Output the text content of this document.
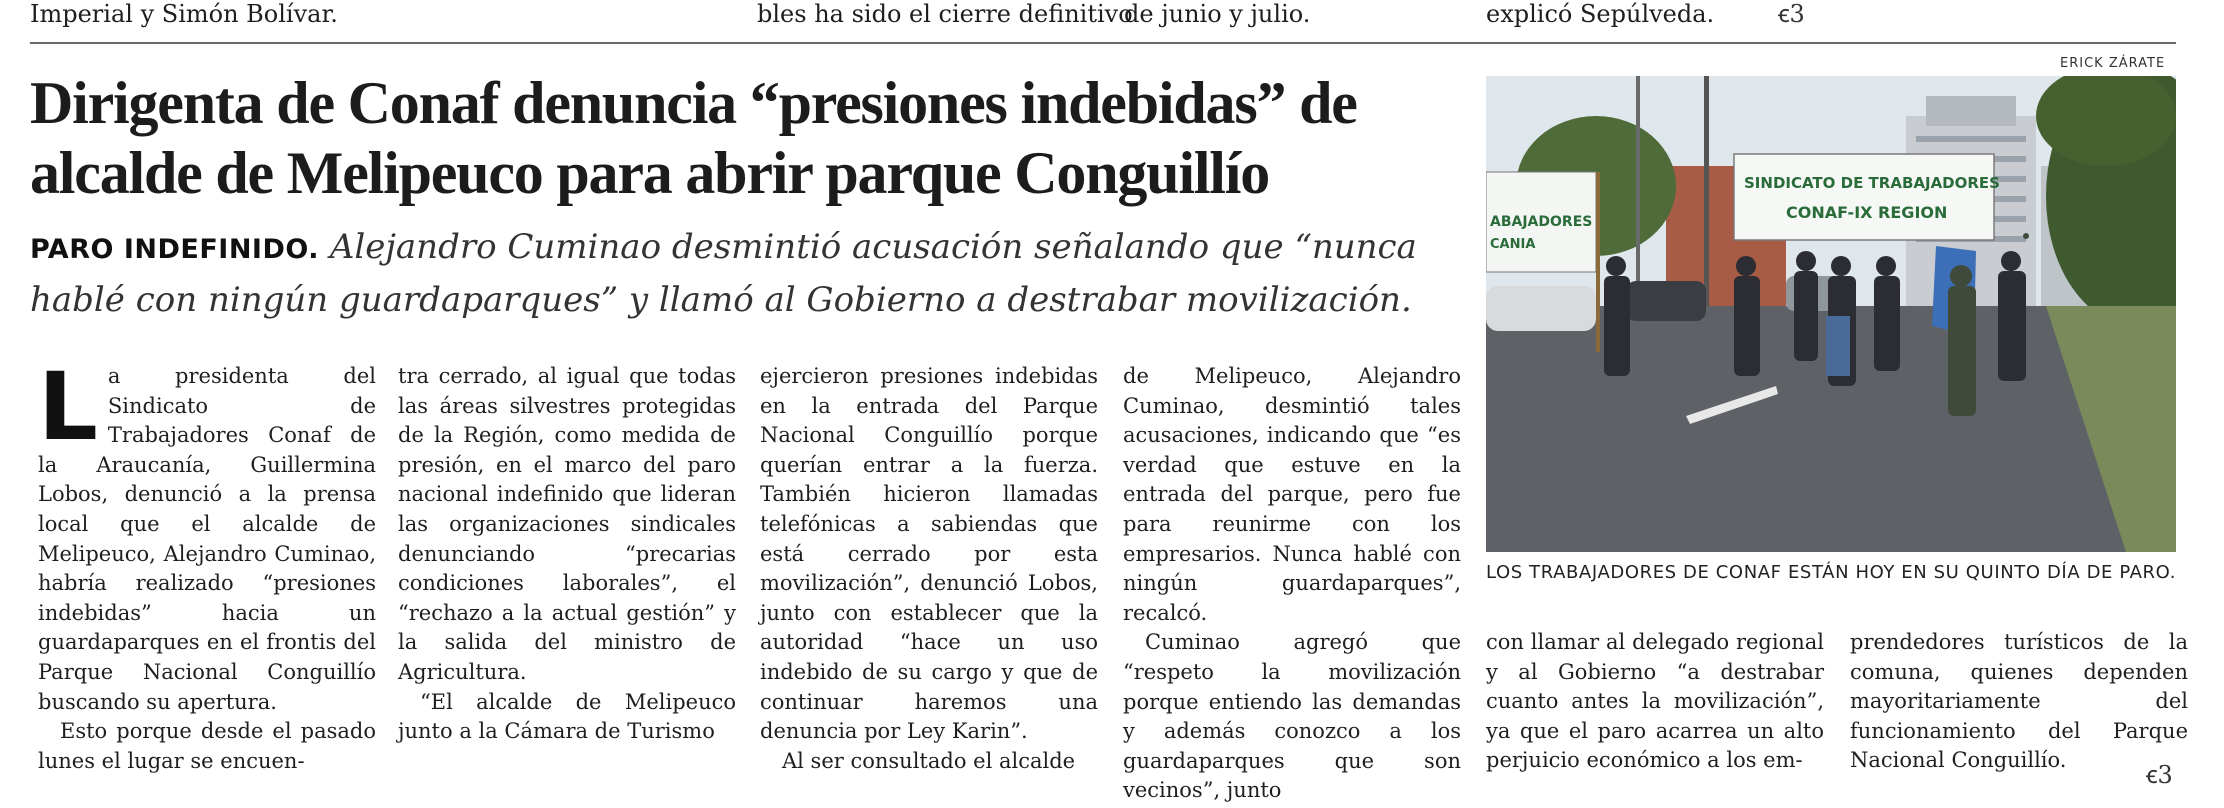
Imperial y Simón Bolívar.	bles ha sido el cierre definitivo
de junio y julio.	explicó Sepúlveda.	ꞓ3
Dirigenta de Conaf denuncia “presiones indebidas” de alcalde de Melipeuco para abrir parque Conguillío

PARO INDEFINIDO. Alejandro Cuminao desmintió acusación señalando que “nunca hablé con ningún guardaparques” y llamó al Gobierno a destrabar movilización.

La presidenta del Sindicato de Trabajadores Conaf de la Araucanía, Guillermina Lobos, denunció a la prensa local que el alcalde de Melipeuco, Alejandro Cuminao, habría realizado “presiones indebidas” hacia un guardaparques en el frontis del Parque Nacional Conguillío buscando su apertura.

Esto porque desde el pasado lunes el lugar se encuen-

tra cerrado, al igual que todas las áreas silvestres protegidas de la Región, como medida de presión, en el marco del paro nacional indefinido que lideran las organizaciones sindicales denunciando “precarias condiciones laborales”, el “rechazo a la actual gestión” y la salida del ministro de Agricultura.

“El alcalde de Melipeuco junto a la Cámara de Turismo

ejercieron presiones indebidas en la entrada del Parque Nacional Conguillío porque querían entrar a la fuerza. También hicieron llamadas telefónicas a sabiendas que está cerrado por esta movilización”, denunció Lobos, junto con establecer que la autoridad “hace un uso indebido de su cargo y que de continuar haremos una denuncia por Ley Karin”.

Al ser consultado el alcalde

de Melipeuco, Alejandro Cuminao, desmintió tales acusaciones, indicando que “es verdad que estuve en la entrada del parque, pero fue para reunirme con los empresarios. Nunca hablé con ningún guardaparques”, recalcó.

Cuminao agregó que “respeto la movilización porque entiendo las demandas y además conozco a los guardaparques que son vecinos”, junto

con llamar al delegado regional y al Gobierno “a destrabar cuanto antes la movilización”, ya que el paro acarrea un alto perjuicio económico a los em-

prendedores turísticos de la comuna, quienes dependen mayoritariamente del funcionamiento del Parque Nacional Conguillío.

ꞓ3
ERICK ZÁRATE
ABAJADORES
CANIA
SINDICATO DE TRABAJADORES
CONAF-IX REGION
LOS TRABAJADORES DE CONAF ESTÁN HOY EN SU QUINTO DÍA DE PARO.
